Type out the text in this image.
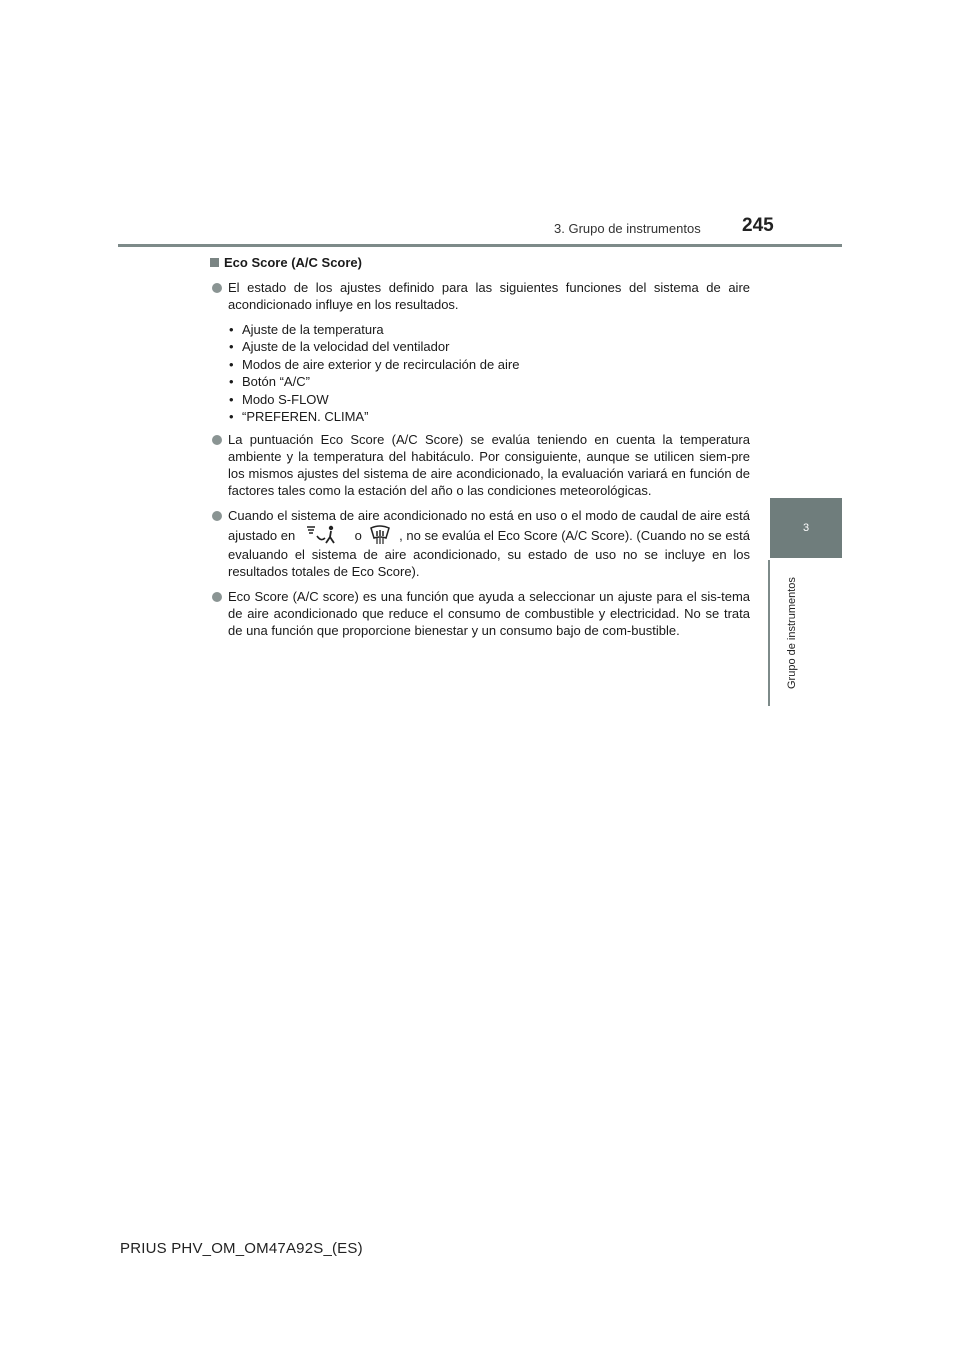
3. Grupo de instrumentos 245
3
Grupo de instrumentos
Eco Score (A/C Score)
El estado de los ajustes definido para las siguientes funciones del sistema de aire acondicionado influye en los resultados.
• Ajuste de la temperatura
• Ajuste de la velocidad del ventilador
• Modos de aire exterior y de recirculación de aire
• Botón “A/C”
• Modo S-FLOW
• “PREFEREN. CLIMA”
La puntuación Eco Score (A/C Score) se evalúa teniendo en cuenta la temperatura ambiente y la temperatura del habitáculo. Por consiguiente, aunque se utilicen siem-pre los mismos ajustes del sistema de aire acondicionado, la evaluación variará en función de factores tales como la estación del año o las condiciones meteorológicas.
Cuando el sistema de aire acondicionado no está en uso o el modo de caudal de aire está ajustado en	o	, no se evalúa el Eco Score (A/C Score). (Cuando no se está evaluando el sistema de aire acondicionado, su estado de uso no se incluye en los resultados totales de Eco Score).
Eco Score (A/C score) es una función que ayuda a seleccionar un ajuste para el sis-tema de aire acondicionado que reduce el consumo de combustible y electricidad. No se trata de una función que proporcione bienestar y un consumo bajo de com-bustible.
PRIUS PHV_OM_OM47A92S_(ES)
